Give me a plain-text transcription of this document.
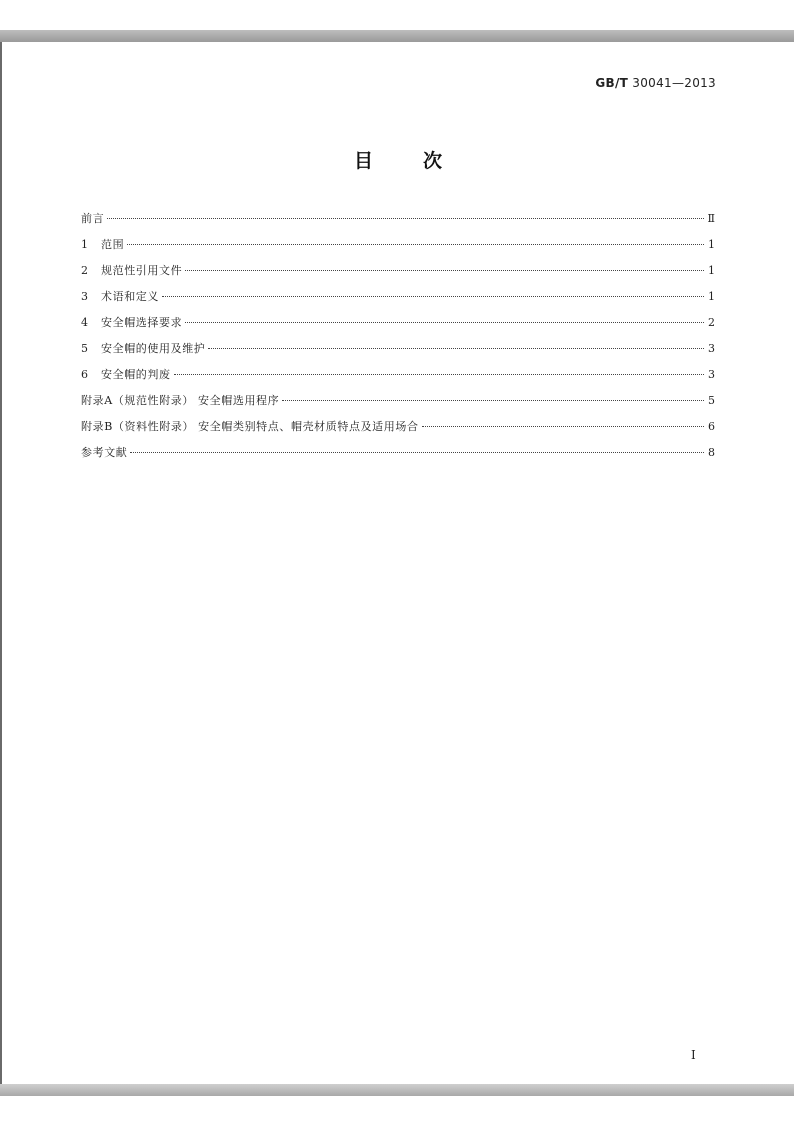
GB/T 30041—2013
目次
前言	Ⅱ
1	范围	1
2	规范性引用文件	1
3	术语和定义	1
4	安全帽选择要求	2
5	安全帽的使用及维护	3
6	安全帽的判废	3
附录A（规范性附录） 安全帽选用程序	5
附录B（资料性附录） 安全帽类别特点、帽壳材质特点及适用场合	6
参考文献	8
Ⅰ
